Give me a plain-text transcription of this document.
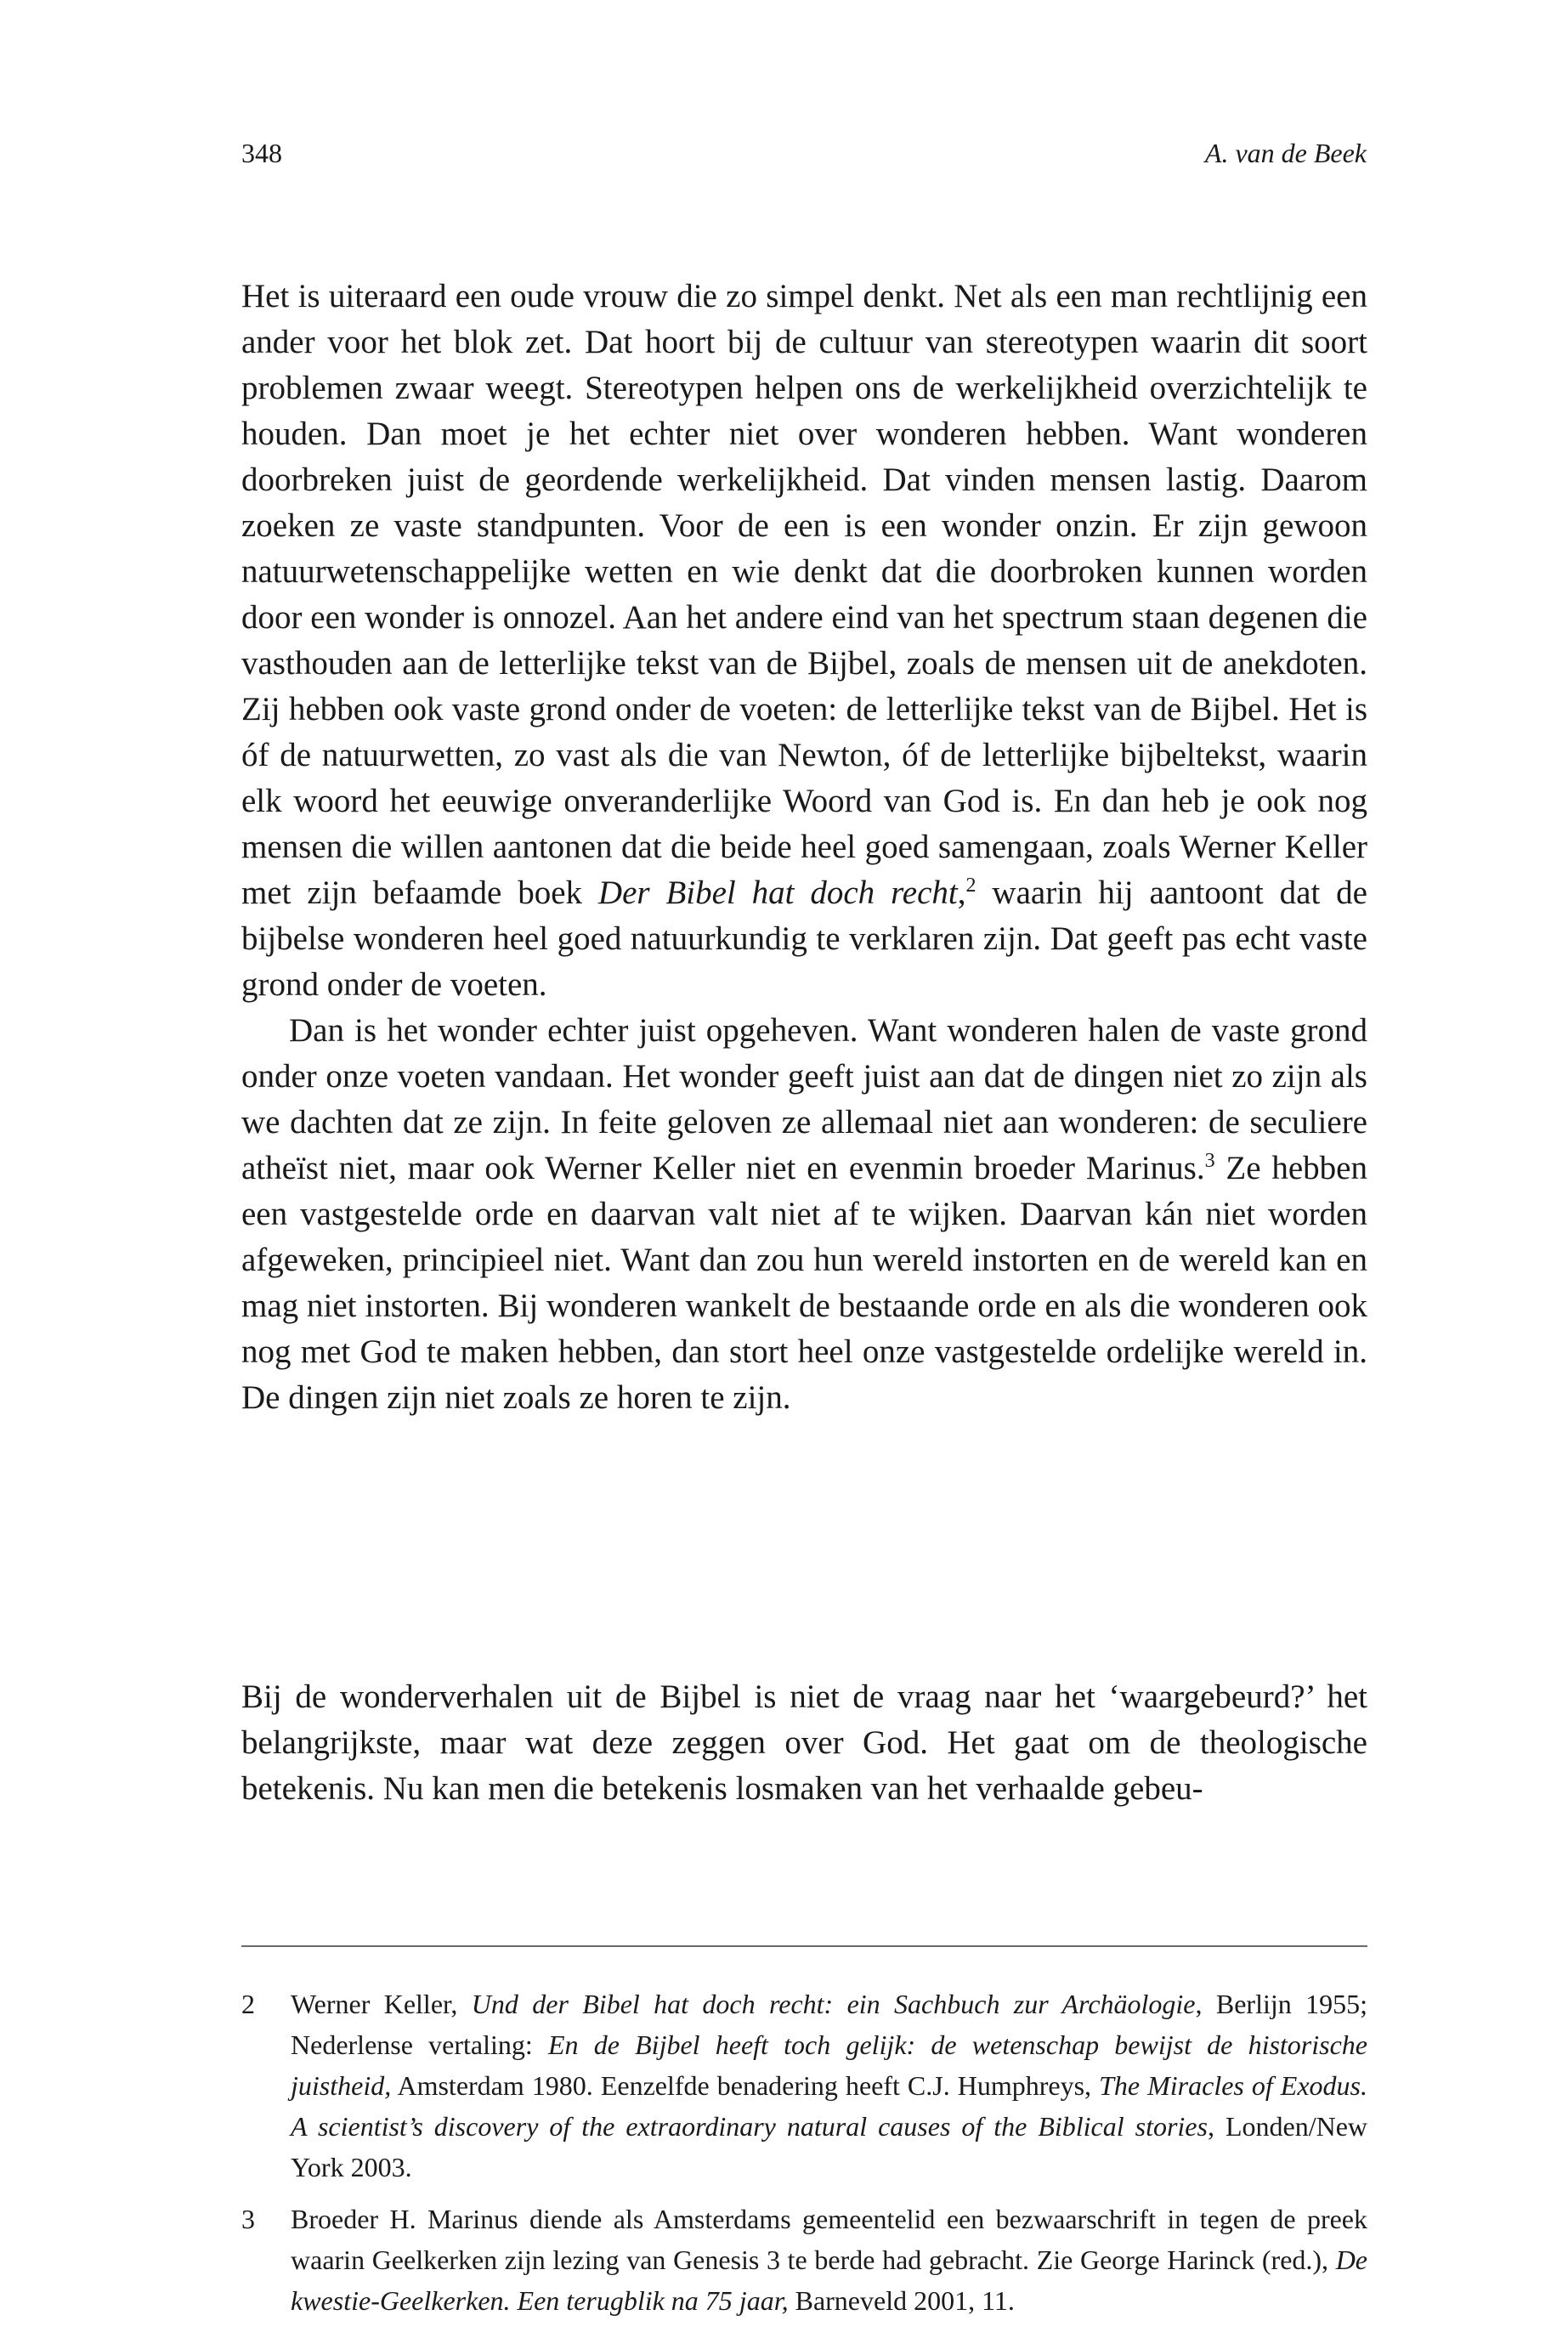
348	A. van de Beek

Het is uiteraard een oude vrouw die zo simpel denkt. Net als een man rechtlijnig een ander voor het blok zet. Dat hoort bij de cultuur van stereotypen waarin dit soort problemen zwaar weegt. Stereotypen helpen ons de werkelijkheid overzichtelijk te houden. Dan moet je het echter niet over wonderen hebben. Want wonderen doorbreken juist de geordende werkelijkheid. Dat vinden mensen lastig. Daarom zoeken ze vaste standpunten. Voor de een is een wonder onzin. Er zijn gewoon natuurwetenschappelijke wetten en wie denkt dat die doorbroken kunnen worden door een wonder is onnozel. Aan het andere eind van het spectrum staan degenen die vasthouden aan de letterlijke tekst van de Bijbel, zoals de mensen uit de anekdoten. Zij hebben ook vaste grond onder de voeten: de letterlijke tekst van de Bijbel. Het is óf de natuurwetten, zo vast als die van Newton, óf de letterlijke bijbeltekst, waarin elk woord het eeuwige onveranderlijke Woord van God is. En dan heb je ook nog mensen die willen aantonen dat die beide heel goed samengaan, zoals Werner Keller met zijn befaamde boek Der Bibel hat doch recht,$^2$ waarin hij aantoont dat de bijbelse wonderen heel goed natuurkundig te verklaren zijn. Dat geeft pas echt vaste grond onder de voeten.

Dan is het wonder echter juist opgeheven. Want wonderen halen de vaste grond onder onze voeten vandaan. Het wonder geeft juist aan dat de dingen niet zo zijn als we dachten dat ze zijn. In feite geloven ze allemaal niet aan wonderen: de seculiere atheïst niet, maar ook Werner Keller niet en evenmin broeder Marinus.$^3$ Ze hebben een vastgestelde orde en daarvan valt niet af te wijken. Daarvan kán niet worden afgeweken, principieel niet. Want dan zou hun wereld instorten en de wereld kan en mag niet instorten. Bij wonderen wankelt de bestaande orde en als die wonderen ook nog met God te maken hebben, dan stort heel onze vastgestelde ordelijke wereld in. De dingen zijn niet zoals ze horen te zijn.

Bij de wonderverhalen uit de Bijbel is niet de vraag naar het ‘waargebeurd?’ het belangrijkste, maar wat deze zeggen over God. Het gaat om de theologische betekenis. Nu kan men die betekenis losmaken van het verhaalde gebeu-

2	Werner Keller, Und der Bibel hat doch recht: ein Sachbuch zur Archäologie, Berlijn 1955; Nederlense vertaling: En de Bijbel heeft toch gelijk: de wetenschap bewijst de historische juistheid, Amsterdam 1980. Eenzelfde benadering heeft C.J. Humphreys, The Miracles of Exodus. A scientist’s discovery of the extraordinary natural causes of the Biblical stories, Londen/New York 2003.
3	Broeder H. Marinus diende als Amsterdams gemeentelid een bezwaarschrift in tegen de preek waarin Geelkerken zijn lezing van Genesis 3 te berde had gebracht. Zie George Harinck (red.), De kwestie-Geelkerken. Een terugblik na 75 jaar, Barneveld 2001, 11.
